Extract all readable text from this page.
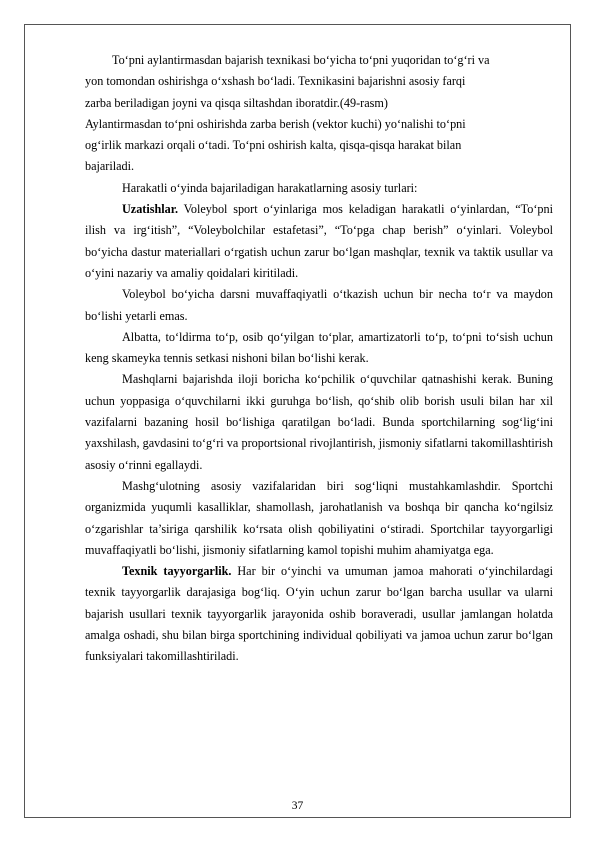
To‘pni aylantirmasdan bajarish texnikasi bo‘yicha to‘pni yuqoridan to‘g‘ri va
yon tomondan oshirishga o‘xshash bo‘ladi. Texnikasini bajarishni asosiy farqi
zarba beriladigan joyni va qisqa siltashdan iboratdir.(49-rasm)

Aylantirmasdan to‘pni oshirishda zarba berish (vektor kuchi) yo‘nalishi to‘pni
og‘irlik markazi orqali o‘tadi. To‘pni oshirish kalta, qisqa-qisqa harakat bilan
bajariladi.

Harakatli o‘yinda bajariladigan harakatlarning asosiy turlari:

Uzatishlar. Voleybol sport o‘yinlariga mos keladigan harakatli o‘yinlardan, “To‘pni ilish va irg‘itish”, “Voleybolchilar estafetasi”, “To‘pga chap berish” o‘yinlari. Voleybol bo‘yicha dastur materiallari o‘rgatish uchun zarur bo‘lgan mashqlar, texnik va taktik usullar va o‘yini nazariy va amaliy qoidalari kiritiladi.

Voleybol bo‘yicha darsni muvaffaqiyatli o‘tkazish uchun bir necha to‘r va maydon bo‘lishi yetarli emas.

Albatta, to‘ldirma to‘p, osib qo‘yilgan to‘plar, amartizatorli to‘p, to‘pni to‘sish uchun keng skameyka tennis setkasi nishoni bilan bo‘lishi kerak.

Mashqlarni bajarishda iloji boricha ko‘pchilik o‘quvchilar qatnashishi kerak. Buning uchun yoppasiga o‘quvchilarni ikki guruhga bo‘lish, qo‘shib olib borish usuli bilan har xil vazifalarni bazaning hosil bo‘lishiga qaratilgan bo‘ladi. Bunda sportchilarning sog‘lig‘ini yaxshilash, gavdasini to‘g‘ri va proportsional rivojlantirish, jismoniy sifatlarni takomillashtirish asosiy o‘rinni egallaydi.

Mashg‘ulotning asosiy vazifalaridan biri sog‘liqni mustahkamlashdir. Sportchi organizmida yuqumli kasalliklar, shamollash, jarohatlanish va boshqa bir qancha ko‘ngilsiz o‘zgarishlar ta’siriga qarshilik ko‘rsata olish qobiliyatini o‘stiradi. Sportchilar tayyorgarligi muvaffaqiyatli bo‘lishi, jismoniy sifatlarning kamol topishi muhim ahamiyatga ega.

Texnik tayyorgarlik. Har bir o‘yinchi va umuman jamoa mahorati o‘yinchilardagi texnik tayyorgarlik darajasiga bog‘liq. O‘yin uchun zarur bo‘lgan barcha usullar va ularni bajarish usullari texnik tayyorgarlik jarayonida oshib boraveradi, usullar jamlangan holatda amalga oshadi, shu bilan birga sportchining individual qobiliyati va jamoa uchun zarur bo‘lgan funksiyalari takomillashtiriladi.

37
